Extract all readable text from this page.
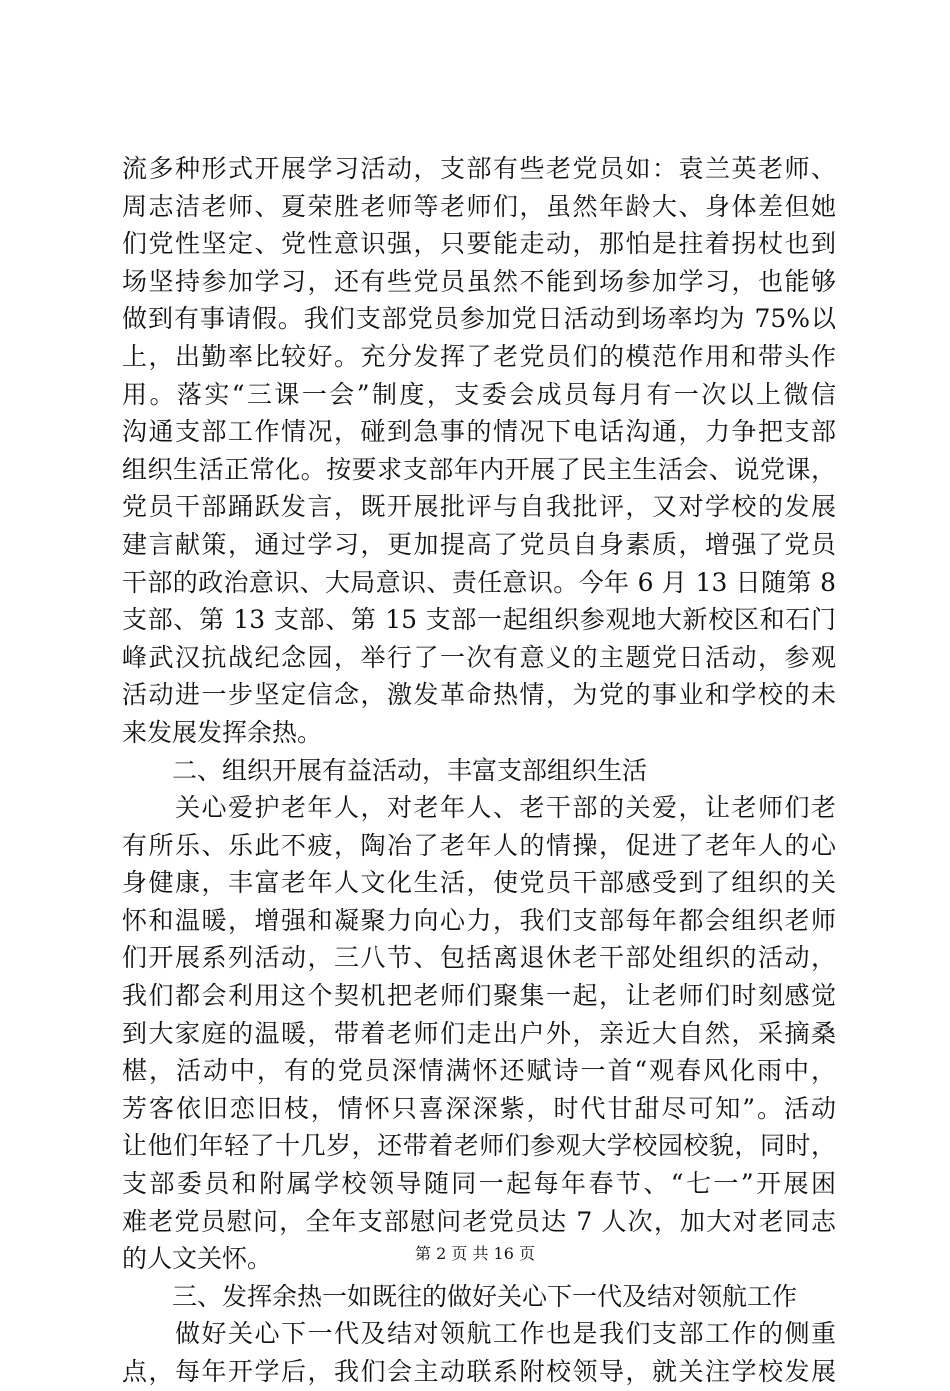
流多种形式开展学习活动，支部有些老党员如：袁兰英老师、
周志洁老师、夏荣胜老师等老师们，虽然年龄大、身体差但她
们党性坚定、党性意识强，只要能走动，那怕是拄着拐杖也到
场坚持参加学习，还有些党员虽然不能到场参加学习，也能够
做到有事请假。我们支部党员参加党日活动到场率均为 75%以
上，出勤率比较好。充分发挥了老党员们的模范作用和带头作
用。落实“三课一会”制度，支委会成员每月有一次以上微信
沟通支部工作情况，碰到急事的情况下电话沟通，力争把支部
组织生活正常化。按要求支部年内开展了民主生活会、说党课，
党员干部踊跃发言，既开展批评与自我批评，又对学校的发展
建言献策，通过学习，更加提高了党员自身素质，增强了党员
干部的政治意识、大局意识、责任意识。今年 6 月 13 日随第 8
支部、第 13 支部、第 15 支部一起组织参观地大新校区和石门
峰武汉抗战纪念园，举行了一次有意义的主题党日活动，参观
活动进一步坚定信念，激发革命热情，为党的事业和学校的未
来发展发挥余热。
　　二、组织开展有益活动，丰富支部组织生活
　　关心爱护老年人，对老年人、老干部的关爱，让老师们老
有所乐、乐此不疲，陶冶了老年人的情操，促进了老年人的心
身健康，丰富老年人文化生活，使党员干部感受到了组织的关
怀和温暖，增强和凝聚力向心力，我们支部每年都会组织老师
们开展系列活动，三八节、包括离退休老干部处组织的活动，
我们都会利用这个契机把老师们聚集一起，让老师们时刻感觉
到大家庭的温暖，带着老师们走出户外，亲近大自然，采摘桑
椹，活动中，有的党员深情满怀还赋诗一首“观春风化雨中，
芳客依旧恋旧枝，情怀只喜深深紫，时代甘甜尽可知”。活动
让他们年轻了十几岁，还带着老师们参观大学校园校貌，同时，
支部委员和附属学校领导随同一起每年春节、“七一”开展困
难老党员慰问，全年支部慰问老党员达 7 人次，加大对老同志
的人文关怀。
　　三、发挥余热一如既往的做好关心下一代及结对领航工作
　　做好关心下一代及结对领航工作也是我们支部工作的侧重
点，每年开学后，我们会主动联系附校领导，就关注学校发展
第 2 页 共 16 页
